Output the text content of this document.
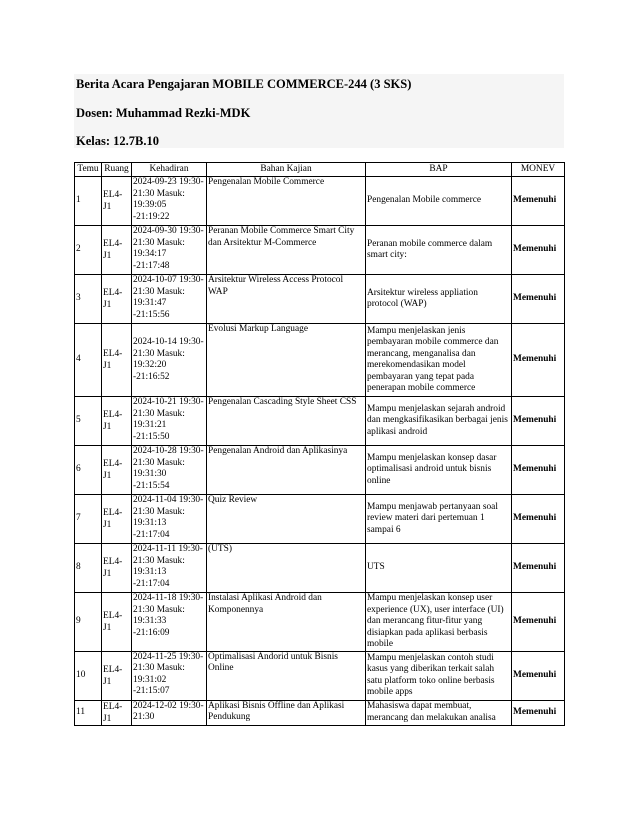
Berita Acara Pengajaran MOBILE COMMERCE-244 (3 SKS)
Dosen: Muhammad Rezki-MDK
Kelas: 12.7B.10
Temu	Ruang	Kehadiran	Bahan Kajian	BAP	MONEV
1	EL4-J1	2024-09-23 19:30-21:30 Masuk: 19:39:05 -21:19:22	Pengenalan Mobile Commerce	Pengenalan Mobile commerce	Memenuhi
2	EL4-J1	2024-09-30 19:30-21:30 Masuk: 19:34:17 -21:17:48	Peranan Mobile Commerce Smart City dan Arsitektur M-Commerce	Peranan mobile commerce dalam smart city:	Memenuhi
3	EL4-J1	2024-10-07 19:30-21:30 Masuk: 19:31:47 -21:15:56	Arsitektur Wireless Access Protocol WAP	Arsitektur wireless appliation protocol (WAP)	Memenuhi
4	EL4-J1	2024-10-14 19:30-21:30 Masuk: 19:32:20 -21:16:52	Evolusi Markup Language	Mampu menjelaskan jenis pembayaran mobile commerce dan merancang, menganalisa dan merekomendasikan model pembayaran yang tepat pada penerapan mobile commerce	Memenuhi
5	EL4-J1	2024-10-21 19:30-21:30 Masuk: 19:31:21 -21:15:50	Pengenalan Cascading Style Sheet CSS	Mampu menjelaskan sejarah android dan mengkasifikasikan berbagai jenis aplikasi android	Memenuhi
6	EL4-J1	2024-10-28 19:30-21:30 Masuk: 19:31:30 -21:15:54	Pengenalan Android dan Aplikasinya	Mampu menjelaskan konsep dasar optimalisasi android untuk bisnis online	Memenuhi
7	EL4-J1	2024-11-04 19:30-21:30 Masuk: 19:31:13 -21:17:04	Quiz Review	Mampu menjawab pertanyaan soal review materi dari pertemuan 1 sampai 6	Memenuhi
8	EL4-J1	2024-11-11 19:30-21:30 Masuk: 19:31:13 -21:17:04	(UTS)	UTS	Memenuhi
9	EL4-J1	2024-11-18 19:30-21:30 Masuk: 19:31:33 -21:16:09	Instalasi Aplikasi Android dan Komponennya	Mampu menjelaskan konsep user experience (UX), user interface (UI) dan merancang fitur-fitur yang disiapkan pada aplikasi berbasis mobile	Memenuhi
10	EL4-J1	2024-11-25 19:30-21:30 Masuk: 19:31:02 -21:15:07	Optimalisasi Andorid untuk Bisnis Online	Mampu menjelaskan contoh studi kasus yang diberikan terkait salah satu platform toko online berbasis mobile apps	Memenuhi
11	EL4-J1	2024-12-02 19:30-21:30	Aplikasi Bisnis Offline dan Aplikasi Pendukung	Mahasiswa dapat membuat, merancang dan melakukan analisa	Memenuhi
